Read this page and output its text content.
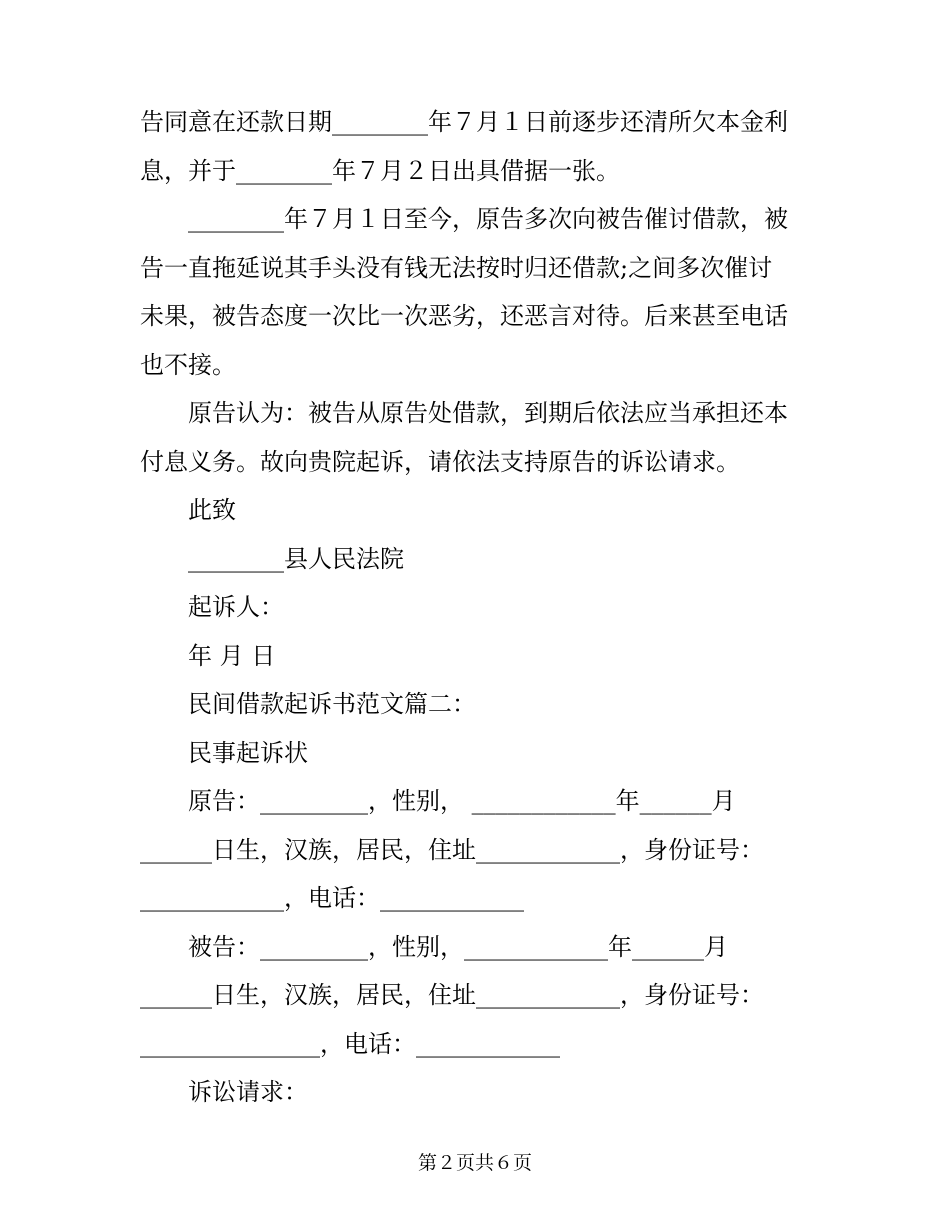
告同意在还款日期________年７月１日前逐步还清所欠本金利
息，并于________年７月２日出具借据一张。
________年７月１日至今，原告多次向被告催讨借款，被
告一直拖延说其手头没有钱无法按时归还借款;之间多次催讨
未果，被告态度一次比一次恶劣，还恶言对待。后来甚至电话
也不接。
原告认为：被告从原告处借款，到期后依法应当承担还本
付息义务。故向贵院起诉，请依法支持原告的诉讼请求。
此致
________县人民法院
起诉人：
年 月 日
民间借款起诉书范文篇二：
民事起诉状
原告：_________，性别， ____________年______月
______日生，汉族，居民，住址____________，身份证号：
____________，电话：____________
被告：_________，性别，____________年______月
______日生，汉族，居民，住址____________，身份证号：
_______________，电话：____________
诉讼请求：
第２页共６页
